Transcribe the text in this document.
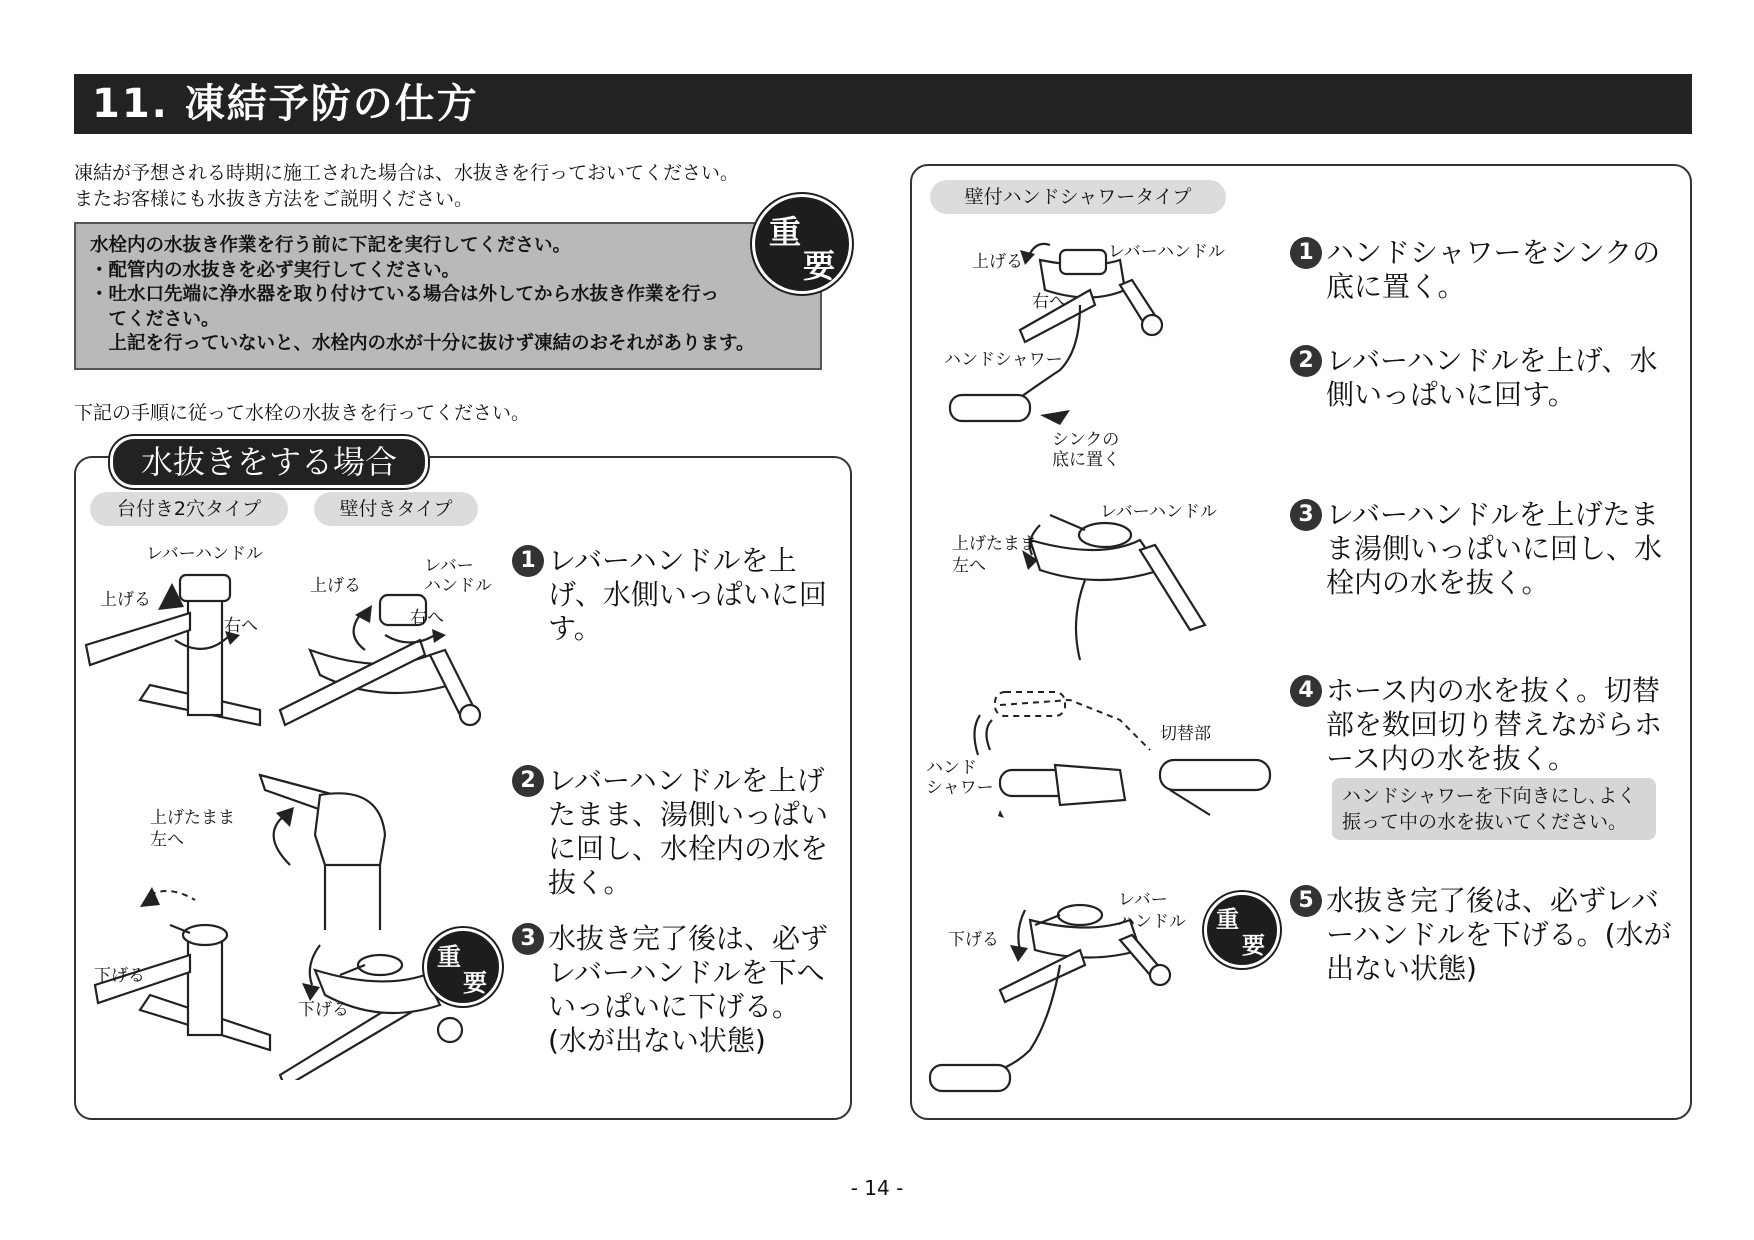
11. 凍結予防の仕方
凍結が予想される時期に施工された場合は、水抜きを行っておいてください。
またお客様にも水抜き方法をご説明ください。
水栓内の水抜き作業を行う前に下記を実行してください。
・配管内の水抜きを必ず実行してください。
・吐水口先端に浄水器を取り付けている場合は外してから水抜き作業を行っ
　てください。
　上記を行っていないと、水栓内の水が十分に抜けず凍結のおそれがあります。
重
要
下記の手順に従って水栓の水抜きを行ってください。
水抜きをする場合
台付き2穴タイプ	壁付きタイプ
レバーハンドル
上げる
右へ
上げる
レバー
ハンドル
右へ
上げたまま
左へ
下げる
下げる
重
要
1 レバーハンドルを上げ、水側いっぱいに回す。
2 レバーハンドルを上げたまま、湯側いっぱいに回し、水栓内の水を抜く。
3 水抜き完了後は、必ずレバーハンドルを下へいっぱいに下げる。(水が出ない状態)
壁付ハンドシャワータイプ
レバーハンドル
上げる
右へ
ハンドシャワー
シンクの
底に置く
レバーハンドル
上げたまま
左へ
切替部
ハンド
シャワー
レバー
ハンドル
下げる
重
要
1 ハンドシャワーをシンクの底に置く。
2 レバーハンドルを上げ、水側いっぱいに回す。
3 レバーハンドルを上げたまま湯側いっぱいに回し、水栓内の水を抜く。
4 ホース内の水を抜く。切替部を数回切り替えながらホース内の水を抜く。
ハンドシャワーを下向きにし､よく振って中の水を抜いてください。
5 水抜き完了後は、必ずレバーハンドルを下げる。(水が出ない状態)
- 14 -
